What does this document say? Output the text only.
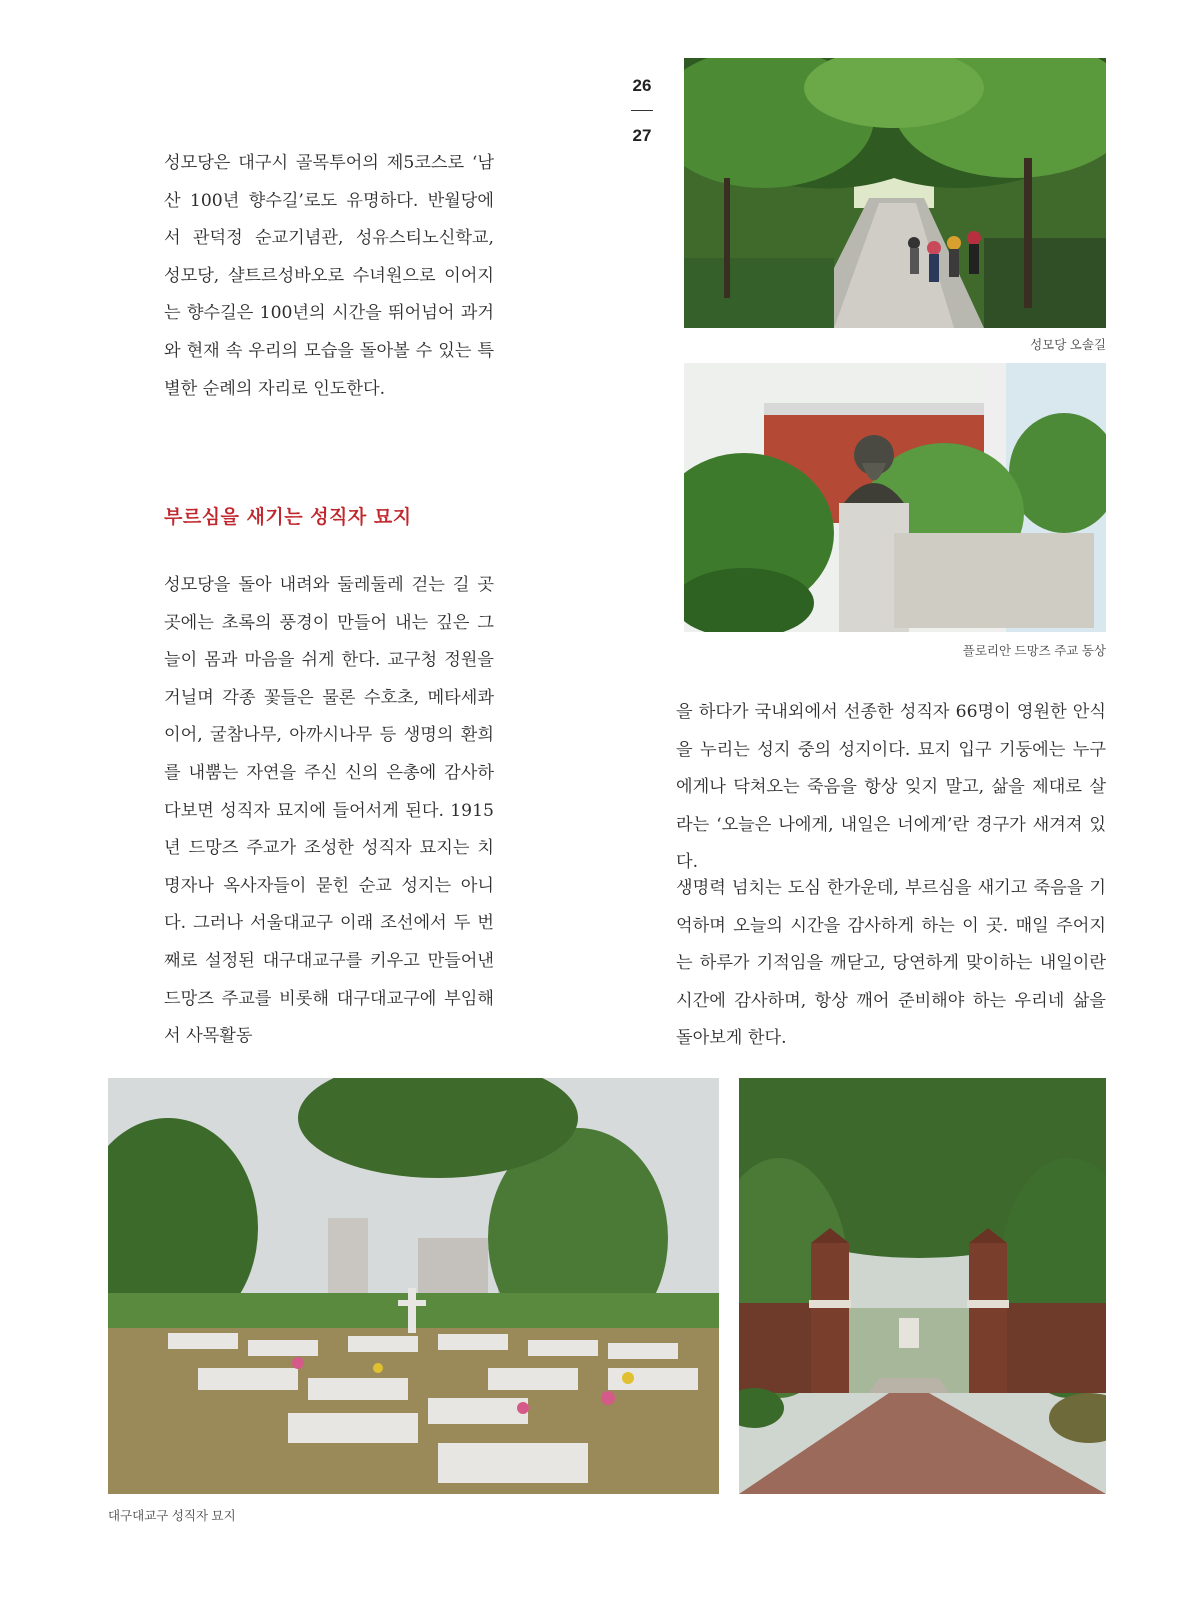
26
27

성모당은 대구시 골목투어의 제5코스로 ‘남산 100년 향수길’로도 유명하다. 반월당에서 관덕정 순교기념관, 성유스티노신학교, 성모당, 샬트르성바오로 수녀원으로 이어지는 향수길은 100년의 시간을 뛰어넘어 과거와 현재 속 우리의 모습을 돌아볼 수 있는 특별한 순례의 자리로 인도한다.

부르심을 새기는 성직자 묘지

성모당을 돌아 내려와 둘레둘레 걷는 길 곳곳에는 초록의 풍경이 만들어 내는 깊은 그늘이 몸과 마음을 쉬게 한다. 교구청 정원을 거닐며 각종 꽃들은 물론 수호초, 메타세콰이어, 굴참나무, 아까시나무 등 생명의 환희를 내뿜는 자연을 주신 신의 은총에 감사하다보면 성직자 묘지에 들어서게 된다. 1915년 드망즈 주교가 조성한 성직자 묘지는 치명자나 옥사자들이 묻힌 순교 성지는 아니다. 그러나 서울대교구 이래 조선에서 두 번째로 설정된 대구대교구를 키우고 만들어낸 드망즈 주교를 비롯해 대구대교구에 부임해서 사목활동

을 하다가 국내외에서 선종한 성직자 66명이 영원한 안식을 누리는 성지 중의 성지이다. 묘지 입구 기둥에는 누구에게나 닥쳐오는 죽음을 항상 잊지 말고, 삶을 제대로 살라는 ‘오늘은 나에게, 내일은 너에게’란 경구가 새겨져 있다.

생명력 넘치는 도심 한가운데, 부르심을 새기고 죽음을 기억하며 오늘의 시간을 감사하게 하는 이 곳. 매일 주어지는 하루가 기적임을 깨닫고, 당연하게 맞이하는 내일이란 시간에 감사하며, 항상 깨어 준비해야 하는 우리네 삶을 돌아보게 한다.

성모당 오솔길
플로리안 드망즈 주교 동상
대구대교구 성직자 묘지
